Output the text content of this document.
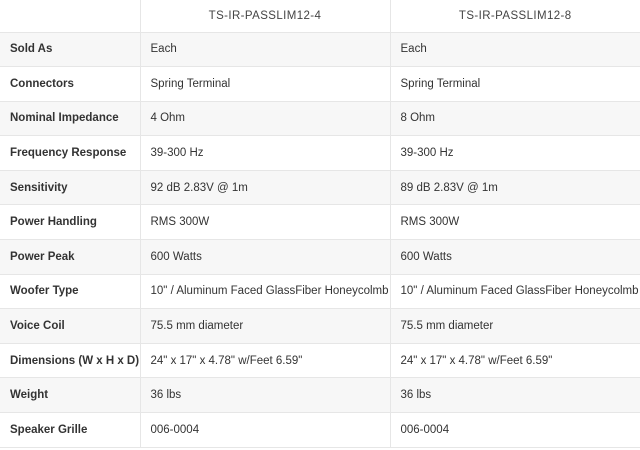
	TS-IR-PASSLIM12-4	TS-IR-PASSLIM12-8
Sold As	Each	Each
Connectors	Spring Terminal	Spring Terminal
Nominal Impedance	4 Ohm	8 Ohm
Frequency Response	39-300 Hz	39-300 Hz
Sensitivity	92 dB 2.83V @ 1m	89 dB 2.83V @ 1m
Power Handling	RMS 300W	RMS 300W
Power Peak	600 Watts	600 Watts
Woofer Type	10" / Aluminum Faced GlassFiber Honeycolmb	10" / Aluminum Faced GlassFiber Honeycolmb
Voice Coil	75.5 mm diameter	75.5 mm diameter
Dimensions (W x H x D)	24" x 17" x 4.78" w/Feet 6.59"	24" x 17" x 4.78" w/Feet 6.59"
Weight	36 lbs	36 lbs
Speaker Grille	006-0004	006-0004
